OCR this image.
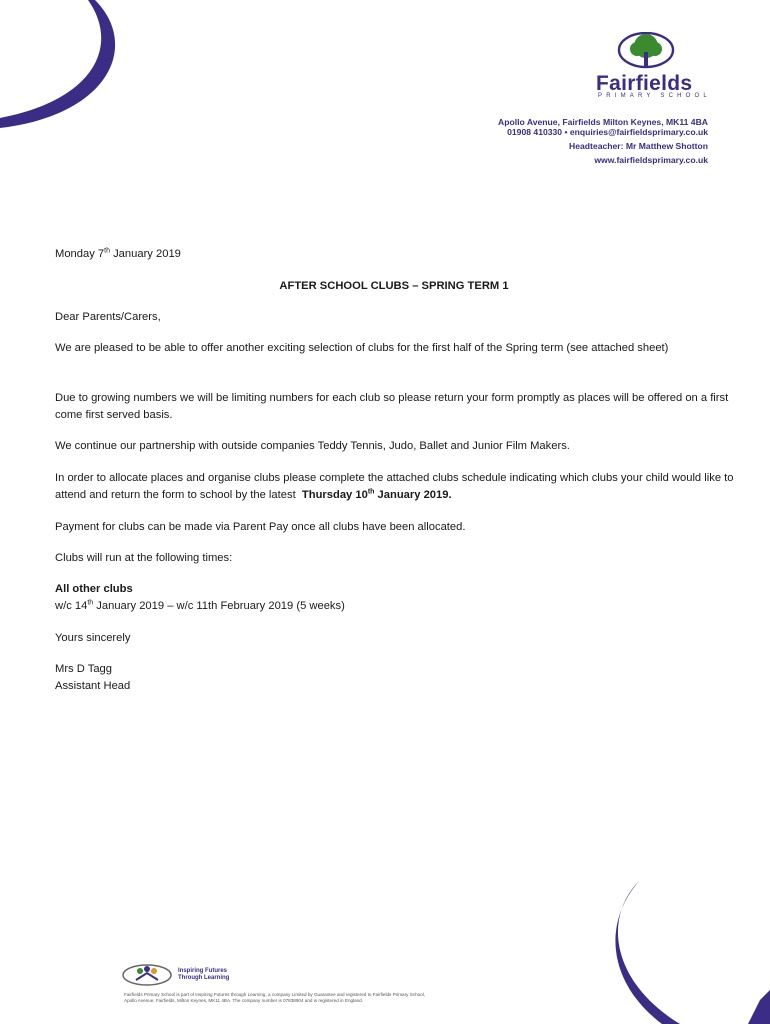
Fairfields
PRIMARY SCHOOL
Apollo Avenue, Fairfields Milton Keynes, MK11 4BA
01908 410330 • enquiries@fairfieldsprimary.co.uk
Headteacher: Mr Matthew Shotton
www.fairfieldsprimary.co.uk
Monday 7th January 2019
AFTER SCHOOL CLUBS – SPRING TERM 1
Dear Parents/Carers,
We are pleased to be able to offer another exciting selection of clubs for the first half of the Spring term (see attached sheet)
Due to growing numbers we will be limiting numbers for each club so please return your form promptly as places will be offered on a first come first served basis.
We continue our partnership with outside companies Teddy Tennis, Judo, Ballet and Junior Film Makers.
In order to allocate places and organise clubs please complete the attached clubs schedule indicating which clubs your child would like to attend and return the form to school by the latest Thursday 10th January 2019.
Payment for clubs can be made via Parent Pay once all clubs have been allocated.
Clubs will run at the following times:
All other clubs
w/c 14th January 2019 – w/c 11th February 2019 (5 weeks)
Yours sincerely
Mrs D Tagg
Assistant Head
Inspiring Futures
Through Learning
Fairfields Primary School is part of Inspiring Futures through Learning, a company Limited by Guarantee and registered to Fairfields Primary School,
Apollo Avenue, Fairfields, Milton Keynes, MK11 4BA. The company number is 07838904 and is registered in England.
